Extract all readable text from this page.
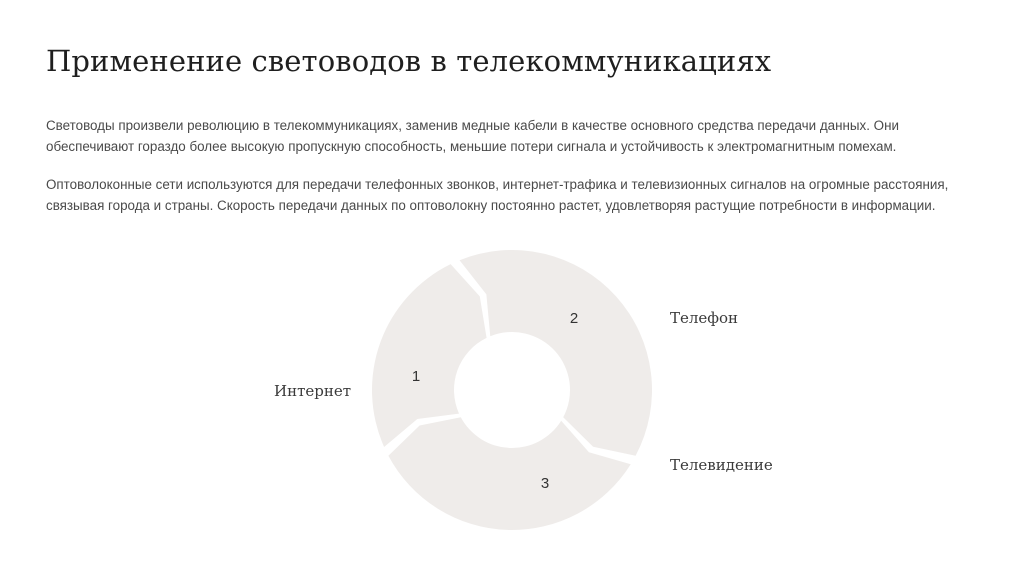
Применение световодов в телекоммуникациях

Световоды произвели революцию в телекоммуникациях, заменив медные кабели в качестве основного средства передачи данных. Они обеспечивают гораздо более высокую пропускную способность, меньшие потери сигнала и устойчивость к электромагнитным помехам.

Оптоволоконные сети используются для передачи телефонных звонков, интернет-трафика и телевизионных сигналов на огромные расстояния, связывая города и страны. Скорость передачи данных по оптоволокну постоянно растет, удовлетворяя растущие потребности в информации.

1
2
3
Интернет
Телефон
Телевидение
